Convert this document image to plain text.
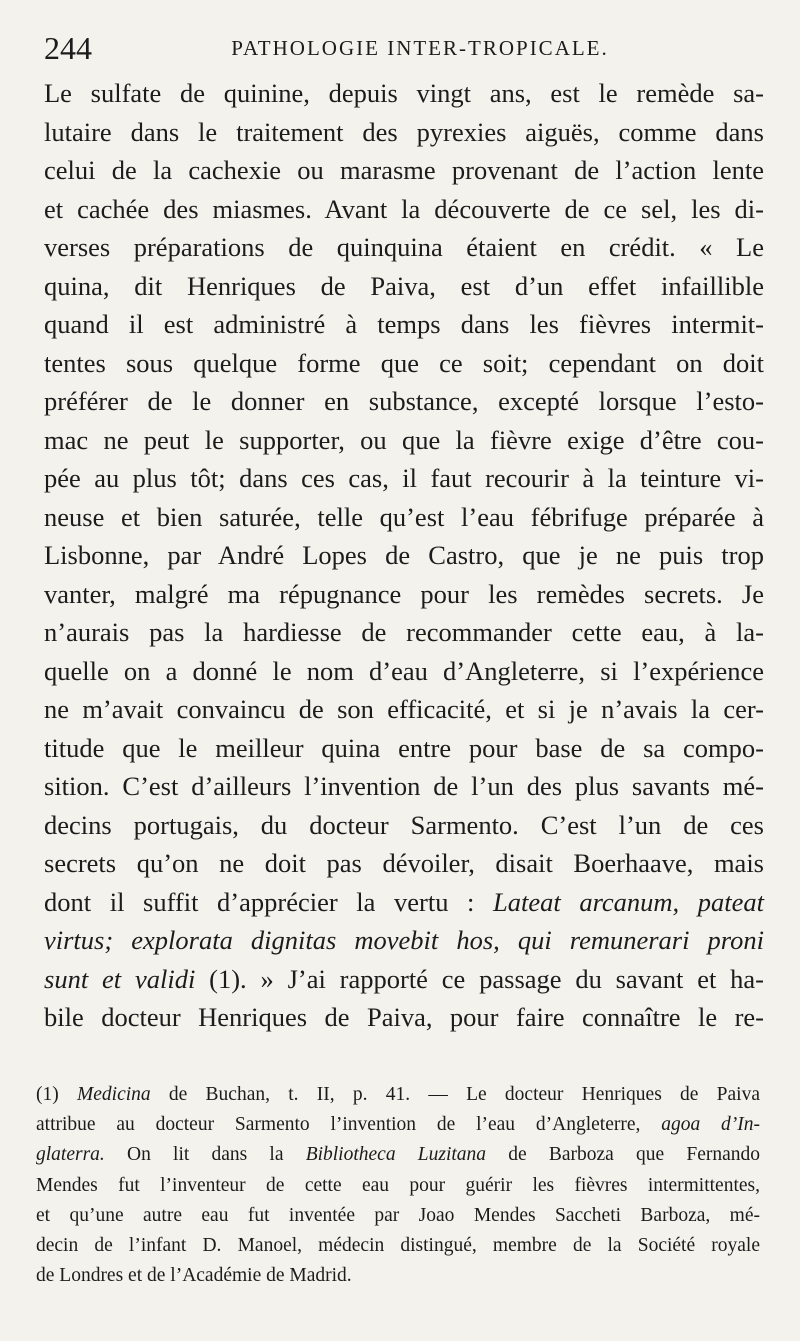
244	PATHOLOGIE INTER-TROPICALE.
Le sulfate de quinine, depuis vingt ans, est le remède sa-
lutaire dans le traitement des pyrexies aiguës, comme dans
celui de la cachexie ou marasme provenant de l’action lente
et cachée des miasmes. Avant la découverte de ce sel, les di-
verses préparations de quinquina étaient en crédit. « Le
quina, dit Henriques de Paiva, est d’un effet infaillible
quand il est administré à temps dans les fièvres intermit-
tentes sous quelque forme que ce soit; cependant on doit
préférer de le donner en substance, excepté lorsque l’esto-
mac ne peut le supporter, ou que la fièvre exige d’être cou-
pée au plus tôt; dans ces cas, il faut recourir à la teinture vi-
neuse et bien saturée, telle qu’est l’eau fébrifuge préparée à
Lisbonne, par André Lopes de Castro, que je ne puis trop
vanter, malgré ma répugnance pour les remèdes secrets. Je
n’aurais pas la hardiesse de recommander cette eau, à la-
quelle on a donné le nom d’eau d’Angleterre, si l’expérience
ne m’avait convaincu de son efficacité, et si je n’avais la cer-
titude que le meilleur quina entre pour base de sa compo-
sition. C’est d’ailleurs l’invention de l’un des plus savants mé-
decins portugais, du docteur Sarmento. C’est l’un de ces
secrets qu’on ne doit pas dévoiler, disait Boerhaave, mais
dont il suffit d’apprécier la vertu : Lateat arcanum, pateat
virtus; explorata dignitas movebit hos, qui remunerari proni
sunt et validi (1). » J’ai rapporté ce passage du savant et ha-
bile docteur Henriques de Paiva, pour faire connaître le re-
(1) Medicina de Buchan, t. II, p. 41. — Le docteur Henriques de Paiva
attribue au docteur Sarmento l’invention de l’eau d’Angleterre, agoa d’In-
glaterra. On lit dans la Bibliotheca Luzitana de Barboza que Fernando
Mendes fut l’inventeur de cette eau pour guérir les fièvres intermittentes,
et qu’une autre eau fut inventée par Joao Mendes Saccheti Barboza, mé-
decin de l’infant D. Manoel, médecin distingué, membre de la Société royale
de Londres et de l’Académie de Madrid.
